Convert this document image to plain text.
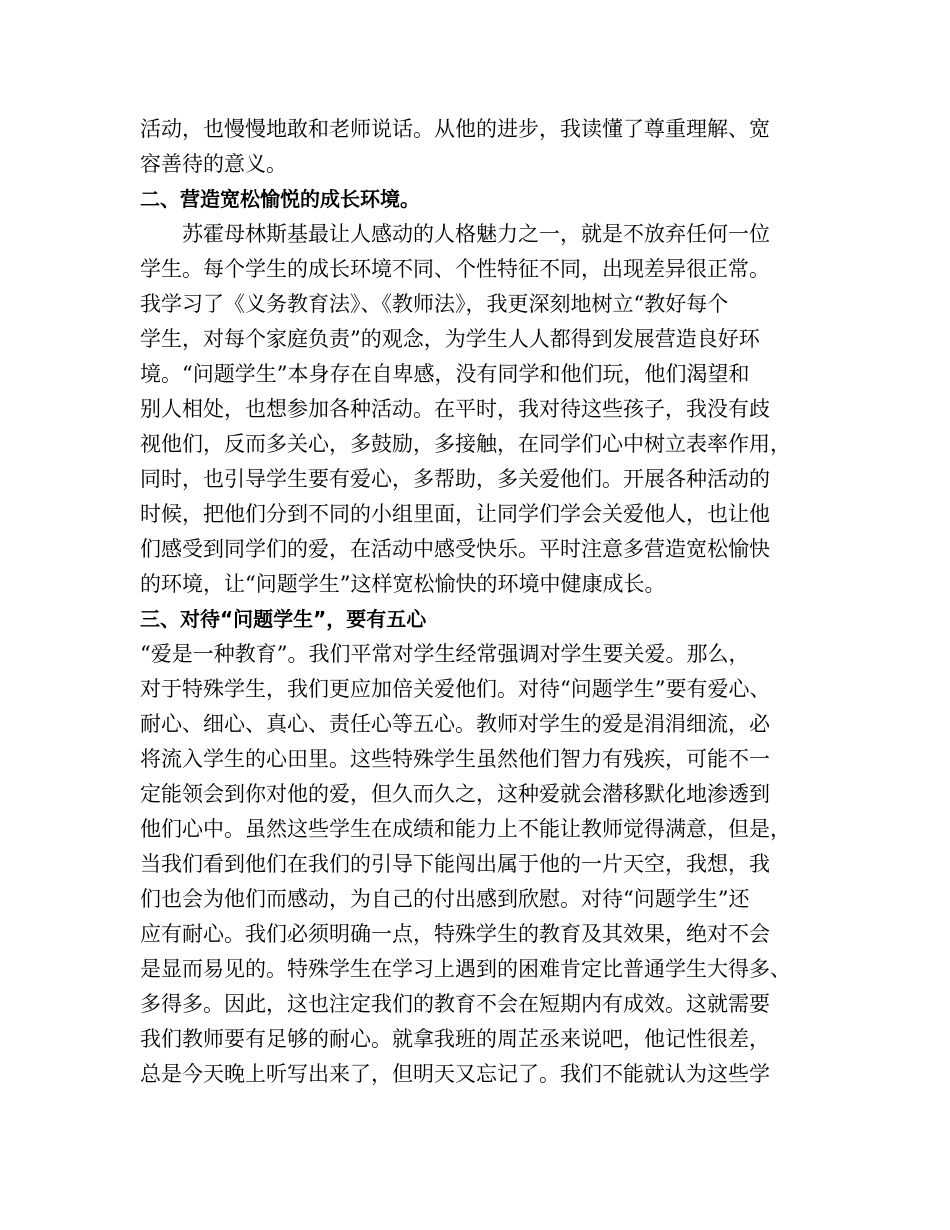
活动，也慢慢地敢和老师说话。从他的进步，我读懂了尊重理解、宽
容善待的意义。
二、营造宽松愉悦的成长环境。
　　苏霍母林斯基最让人感动的人格魅力之一，就是不放弃任何一位
学生。每个学生的成长环境不同、个性特征不同，出现差异很正常。
我学习了《义务教育法》、《教师法》，我更深刻地树立“教好每个
学生，对每个家庭负责”的观念，为学生人人都得到发展营造良好环
境。“问题学生”本身存在自卑感，没有同学和他们玩，他们渴望和
别人相处，也想参加各种活动。在平时，我对待这些孩子，我没有歧
视他们，反而多关心，多鼓励，多接触，在同学们心中树立表率作用，
同时，也引导学生要有爱心，多帮助，多关爱他们。开展各种活动的
时候，把他们分到不同的小组里面，让同学们学会关爱他人，也让他
们感受到同学们的爱，在活动中感受快乐。平时注意多营造宽松愉快
的环境，让“问题学生”这样宽松愉快的环境中健康成长。
三、对待“问题学生”，要有五心
“爱是一种教育”。我们平常对学生经常强调对学生要关爱。那么，
对于特殊学生，我们更应加倍关爱他们。对待“问题学生”要有爱心、
耐心、细心、真心、责任心等五心。教师对学生的爱是涓涓细流，必
将流入学生的心田里。这些特殊学生虽然他们智力有残疾，可能不一
定能领会到你对他的爱，但久而久之，这种爱就会潜移默化地渗透到
他们心中。虽然这些学生在成绩和能力上不能让教师觉得满意，但是，
当我们看到他们在我们的引导下能闯出属于他的一片天空，我想，我
们也会为他们而感动，为自己的付出感到欣慰。对待“问题学生”还
应有耐心。我们必须明确一点，特殊学生的教育及其效果，绝对不会
是显而易见的。特殊学生在学习上遇到的困难肯定比普通学生大得多、
多得多。因此，这也注定我们的教育不会在短期内有成效。这就需要
我们教师要有足够的耐心。就拿我班的周芷丞来说吧，他记性很差，
总是今天晚上听写出来了，但明天又忘记了。我们不能就认为这些学
